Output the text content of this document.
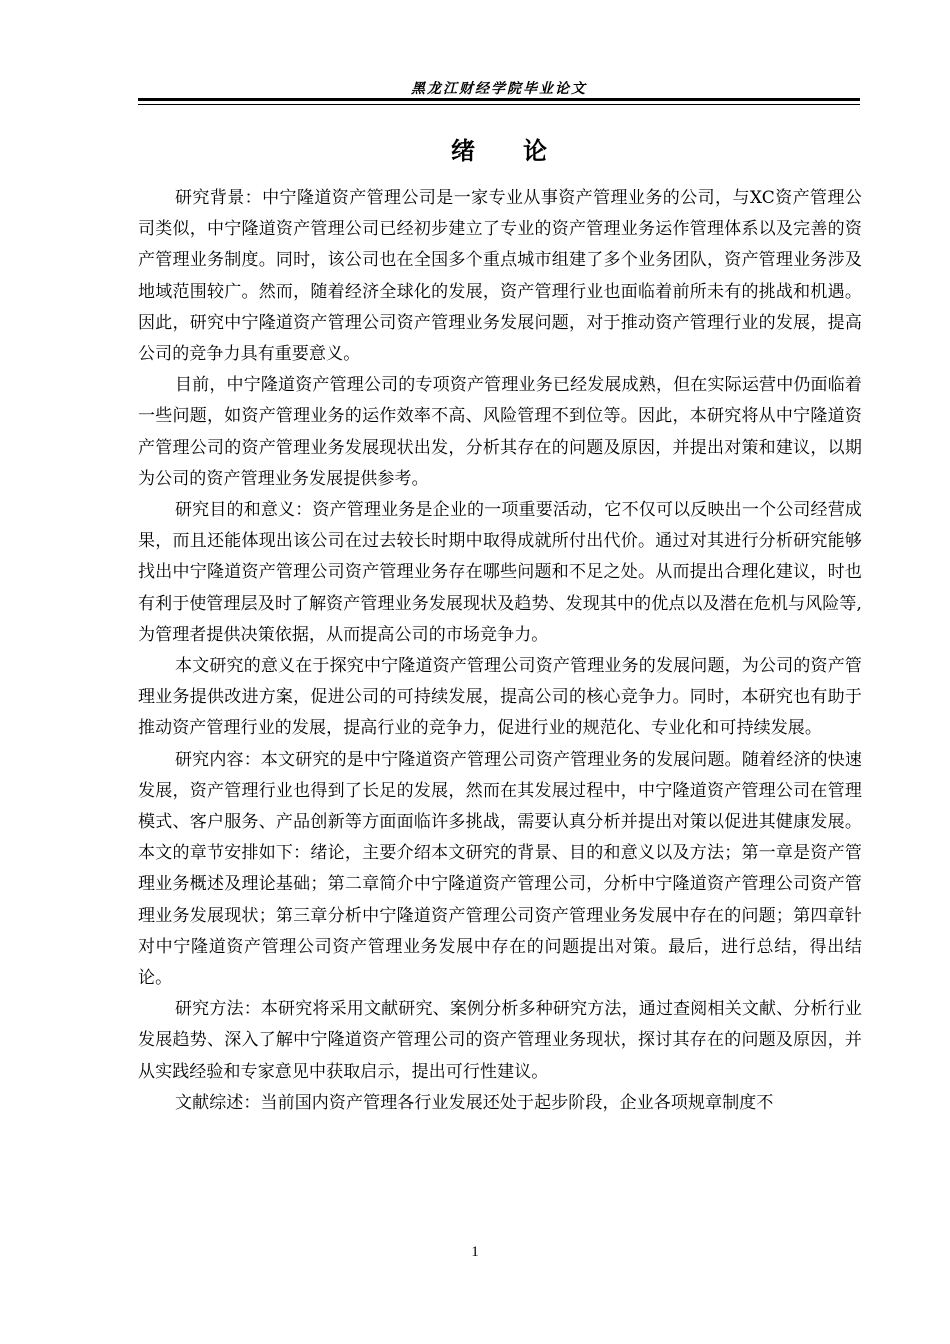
黑龙江财经学院毕业论文
绪论

研究背景：中宁隆道资产管理公司是一家专业从事资产管理业务的公司，与XC资产管理公司类似，中宁隆道资产管理公司已经初步建立了专业的资产管理业务运作管理体系以及完善的资产管理业务制度。同时，该公司也在全国多个重点城市组建了多个业务团队，资产管理业务涉及地域范围较广。然而，随着经济全球化的发展，资产管理行业也面临着前所未有的挑战和机遇。因此，研究中宁隆道资产管理公司资产管理业务发展问题，对于推动资产管理行业的发展，提高公司的竞争力具有重要意义。

目前，中宁隆道资产管理公司的专项资产管理业务已经发展成熟，但在实际运营中仍面临着一些问题，如资产管理业务的运作效率不高、风险管理不到位等。因此，本研究将从中宁隆道资产管理公司的资产管理业务发展现状出发，分析其存在的问题及原因，并提出对策和建议，以期为公司的资产管理业务发展提供参考。

研究目的和意义：资产管理业务是企业的一项重要活动，它不仅可以反映出一个公司经营成果，而且还能体现出该公司在过去较长时期中取得成就所付出代价。通过对其进行分析研究能够找出中宁隆道资产管理公司资产管理业务存在哪些问题和不足之处。从而提出合理化建议，时也有利于使管理层及时了解资产管理业务发展现状及趋势、发现其中的优点以及潜在危机与风险等,为管理者提供决策依据，从而提高公司的市场竞争力。

本文研究的意义在于探究中宁隆道资产管理公司资产管理业务的发展问题，为公司的资产管理业务提供改进方案，促进公司的可持续发展，提高公司的核心竞争力。同时，本研究也有助于推动资产管理行业的发展，提高行业的竞争力，促进行业的规范化、专业化和可持续发展。

研究内容：本文研究的是中宁隆道资产管理公司资产管理业务的发展问题。随着经济的快速发展，资产管理行业也得到了长足的发展，然而在其发展过程中，中宁隆道资产管理公司在管理模式、客户服务、产品创新等方面面临许多挑战，需要认真分析并提出对策以促进其健康发展。本文的章节安排如下：绪论，主要介绍本文研究的背景、目的和意义以及方法；第一章是资产管理业务概述及理论基础；第二章简介中宁隆道资产管理公司，分析中宁隆道资产管理公司资产管理业务发展现状；第三章分析中宁隆道资产管理公司资产管理业务发展中存在的问题；第四章针对中宁隆道资产管理公司资产管理业务发展中存在的问题提出对策。最后，进行总结，得出结论。

研究方法：本研究将采用文献研究、案例分析多种研究方法，通过查阅相关文献、分析行业发展趋势、深入了解中宁隆道资产管理公司的资产管理业务现状，探讨其存在的问题及原因，并从实践经验和专家意见中获取启示，提出可行性建议。

文献综述：当前国内资产管理各行业发展还处于起步阶段，企业各项规章制度不

1
